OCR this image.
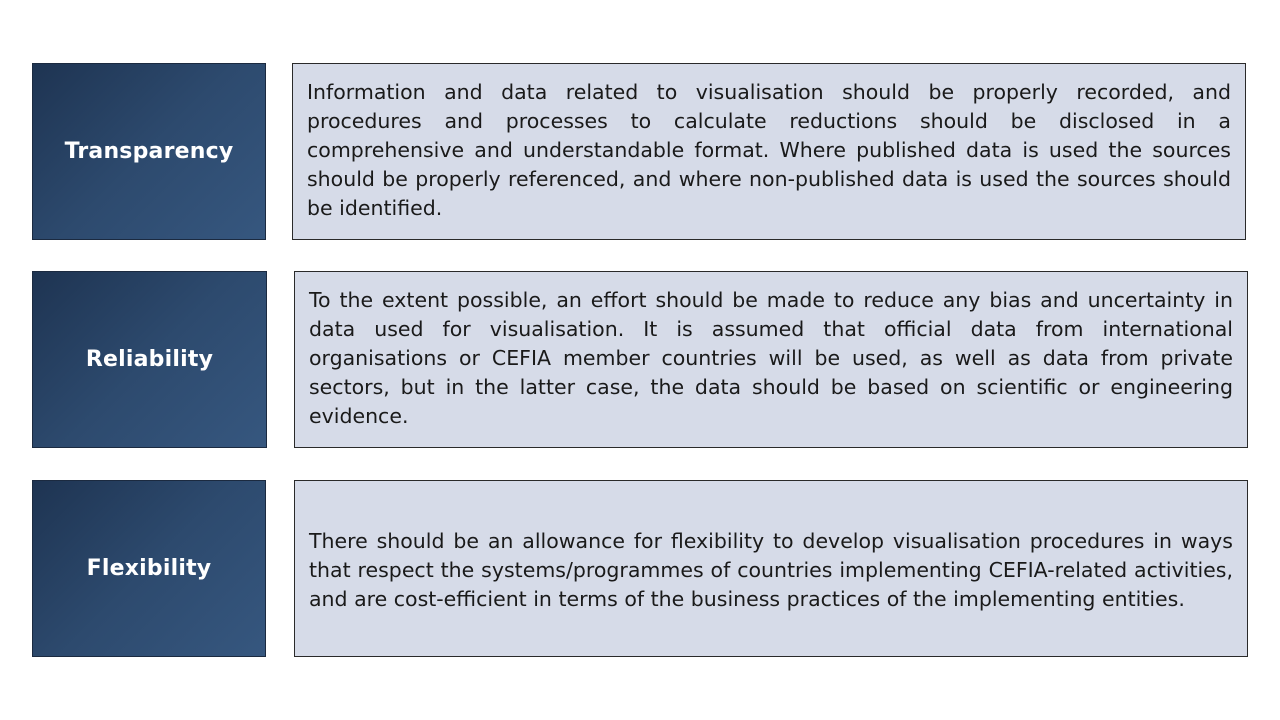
Transparency

Information and data related to visualisation should be properly recorded, and procedures and processes to calculate reductions should be disclosed in a comprehensive and understandable format. Where published data is used the sources should be properly referenced, and where non-published data is used the sources should be identified.

Reliability

To the extent possible, an effort should be made to reduce any bias and uncertainty in data used for visualisation. It is assumed that official data from international organisations or CEFIA member countries will be used, as well as data from private sectors, but in the latter case, the data should be based on scientific or engineering evidence.

Flexibility

There should be an allowance for flexibility to develop visualisation procedures in ways that respect the systems/programmes of countries implementing CEFIA-related activities, and are cost-efficient in terms of the business practices of the implementing entities.
